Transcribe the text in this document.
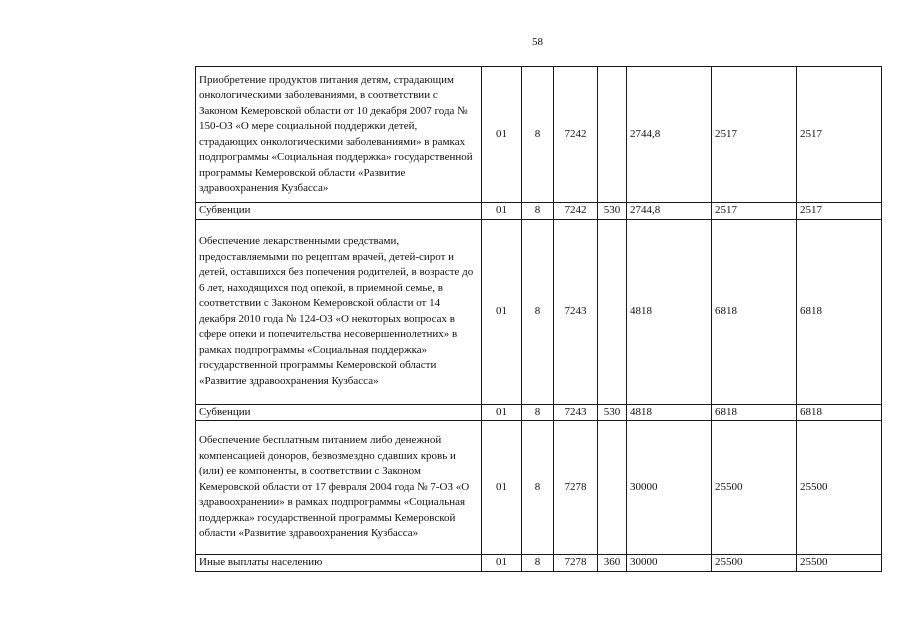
58
Приобретение продуктов питания детям, страдающим онкологическими заболеваниями, в соответствии с Законом Кемеровской области от 10 декабря 2007 года № 150-ОЗ «О мере социальной поддержки детей, страдающих онкологическими заболеваниями» в рамках подпрограммы «Социальная поддержка» государственной программы Кемеровской области «Развитие здравоохранения Кузбасса»	01	8	7242		2744,8	2517	2517
Субвенции	01	8	7242	530	2744,8	2517	2517
Обеспечение лекарственными средствами, предоставляемыми по рецептам врачей, детей-сирот и детей, оставшихся без попечения родителей, в возрасте до 6 лет, находящихся под опекой, в приемной семье, в соответствии с Законом Кемеровской области от 14 декабря 2010 года № 124-ОЗ «О некоторых вопросах в сфере опеки и попечительства несовершеннолетних» в рамках подпрограммы «Социальная поддержка» государственной программы Кемеровской области «Развитие здравоохранения Кузбасса»	01	8	7243		4818	6818	6818
Субвенции	01	8	7243	530	4818	6818	6818
Обеспечение бесплатным питанием либо денежной компенсацией доноров, безвозмездно сдавших кровь и (или) ее компоненты, в соответствии с Законом Кемеровской области от 17 февраля 2004 года № 7-ОЗ «О здравоохранении» в рамках подпрограммы «Социальная поддержка» государственной программы Кемеровской области «Развитие здравоохранения Кузбасса»	01	8	7278		30000	25500	25500
Иные выплаты населению	01	8	7278	360	30000	25500	25500
